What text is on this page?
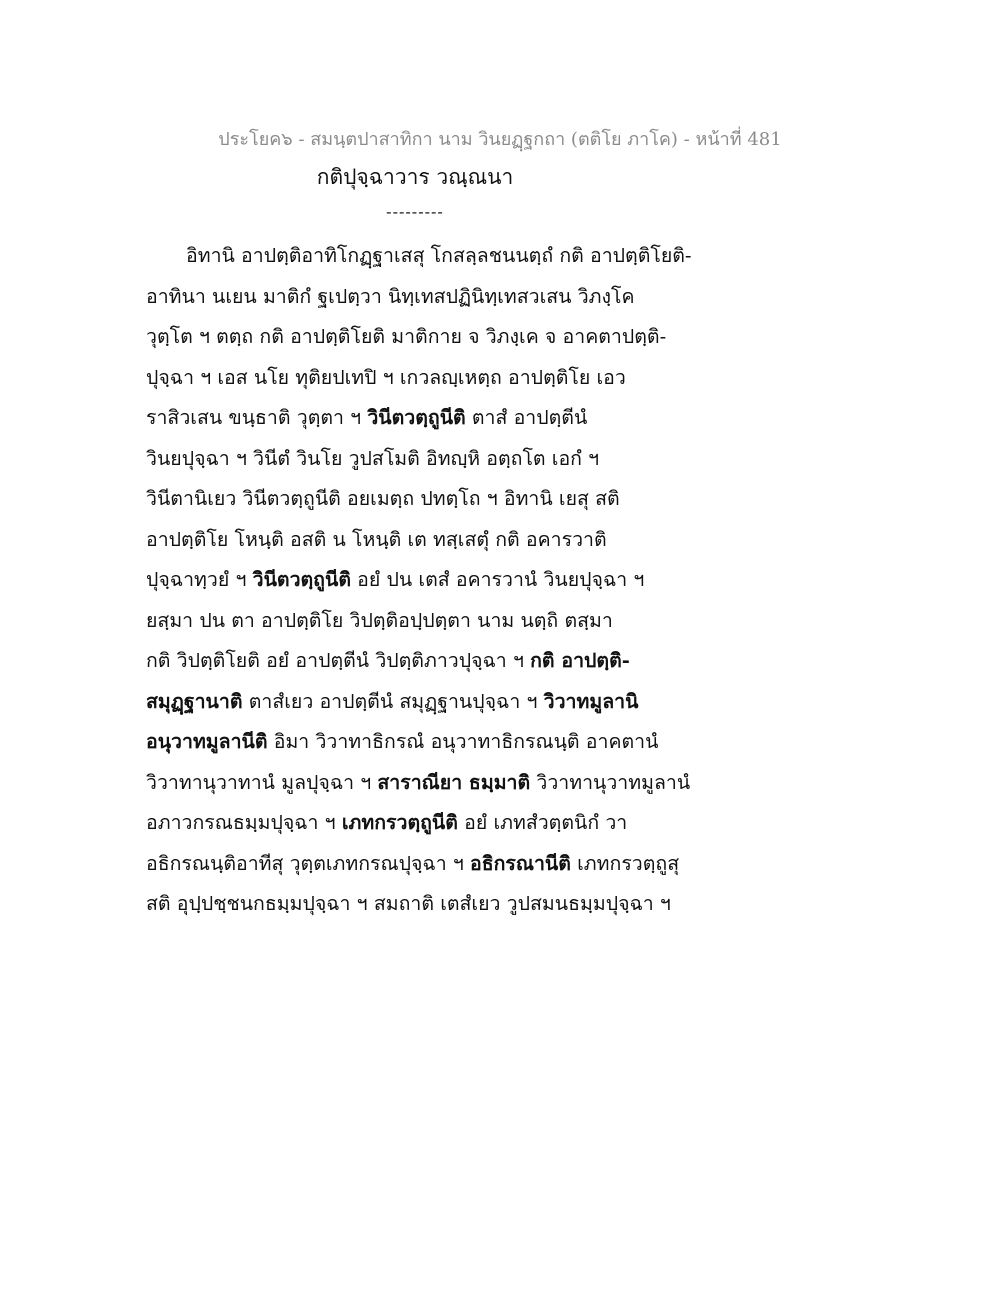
ประโยค๖ - สมนฺตปาสาทิกา นาม วินยฏฺฐกถา (ตติโย ภาโค) - หน้าที่ 481
กติปุจฺฉาวาร วณฺณนา
---------
อิทานิ อาปตฺติอาทิโกฏฺฐาเสสุ โกสลฺลชนนตฺถํ กติ อาปตฺติโยติ-
อาทินา นเยน มาติกํ ฐเปตฺวา นิทฺเทสปฏินิทฺเทสวเสน วิภงฺโค
วุตฺโต ฯ ตตฺถ กติ อาปตฺติโยติ มาติกาย จ วิภงฺเค จ อาคตาปตฺติ-
ปุจฺฉา ฯ เอส นโย ทุติยปเทปิ ฯ เกวลญฺเหตฺถ อาปตฺติโย เอว
ราสิวเสน ขนฺธาติ วุตฺตา ฯ วินีตวตฺถูนีติ ตาสํ อาปตฺตีนํ
วินยปุจฺฉา ฯ วินีตํ วินโย วูปสโมติ อิทญฺหิ อตฺถโต เอกํ ฯ
วินีตานิเยว วินีตวตฺถูนีติ อยเมตฺถ ปทตฺโถ ฯ อิทานิ เยสุ สติ
อาปตฺติโย โหนฺติ อสติ น โหนฺติ เต ทสฺเสตุํ กติ อคารวาติ
ปุจฺฉาทฺวยํ ฯ วินีตวตฺถูนีติ อยํ ปน เตสํ อคารวานํ วินยปุจฺฉา ฯ
ยสฺมา ปน ตา อาปตฺติโย วิปตฺติอปฺปตฺตา นาม นตฺถิ ตสฺมา
กติ วิปตฺติโยติ อยํ อาปตฺตีนํ วิปตฺติภาวปุจฺฉา ฯ กติ อาปตฺติ-
สมุฏฺฐานาติ ตาสํเยว อาปตฺตีนํ สมุฏฺฐานปุจฺฉา ฯ วิวาทมูลานิ
อนุวาทมูลานีติ อิมา วิวาทาธิกรณํ อนุวาทาธิกรณนฺติ อาคตานํ
วิวาทานุวาทานํ มูลปุจฺฉา ฯ สาราณียา ธมฺมาติ วิวาทานุวาทมูลานํ
อภาวกรณธมฺมปุจฺฉา ฯ เภทกรวตฺถูนีติ อยํ เภทสํวตฺตนิกํ วา
อธิกรณนฺติอาทีสุ วุตฺตเภทกรณปุจฺฉา ฯ อธิกรณานีติ เภทกรวตฺถูสุ
สติ อุปฺปชฺชนกธมฺมปุจฺฉา ฯ สมถาติ เตสํเยว วูปสมนธมฺมปุจฺฉา ฯ
